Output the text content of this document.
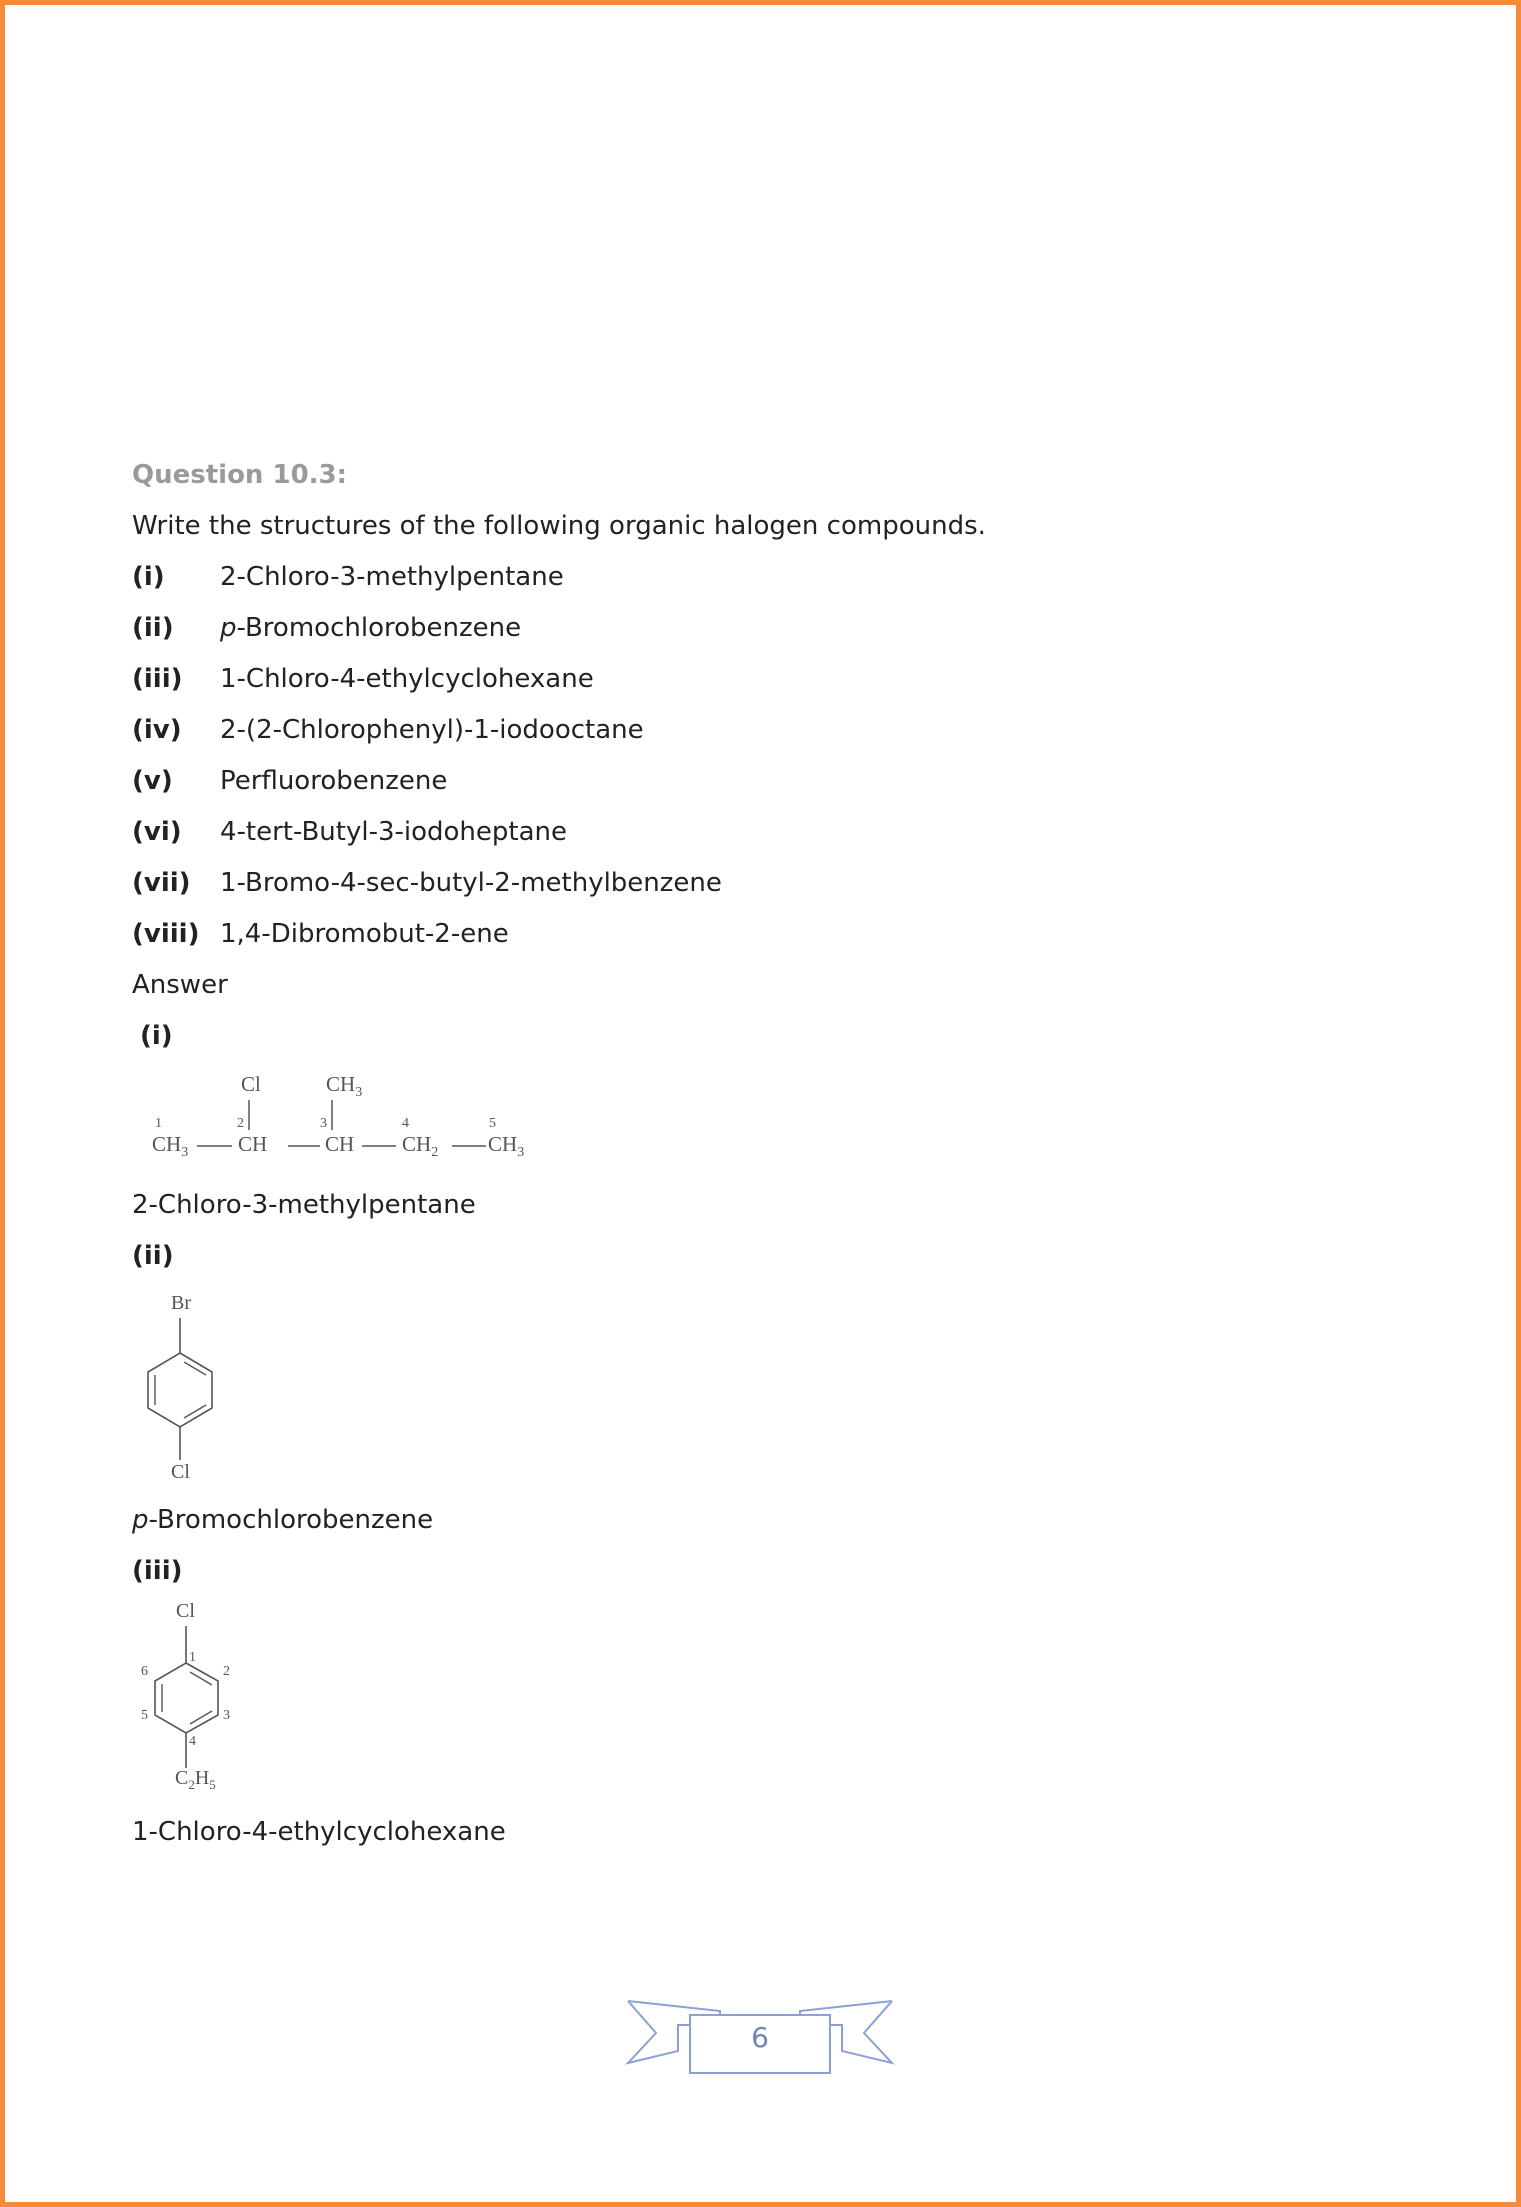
Question 10.3:
Write the structures of the following organic halogen compounds.
(i) 2-Chloro-3-methylpentane
(ii) p-Bromochlorobenzene
(iii) 1-Chloro-4-ethylcyclohexane
(iv) 2-(2-Chlorophenyl)-1-iodooctane
(v) Perfluorobenzene
(vi) 4-tert-Butyl-3-iodoheptane
(vii) 1-Bromo-4-sec-butyl-2-methylbenzene
(viii) 1,4-Dibromobut-2-ene
Answer
(i)
Cl	$CH_3$
1	2	3	4	5
$CH_3$ CH	CH $CH_2$ $CH_3$
2-Chloro-3-methylpentane
(ii)
Br
Cl
p-Bromochlorobenzene
(iii)
Cl
1
2
3
4
5
6
$C_2H_5$
1-Chloro-4-ethylcyclohexane
6
